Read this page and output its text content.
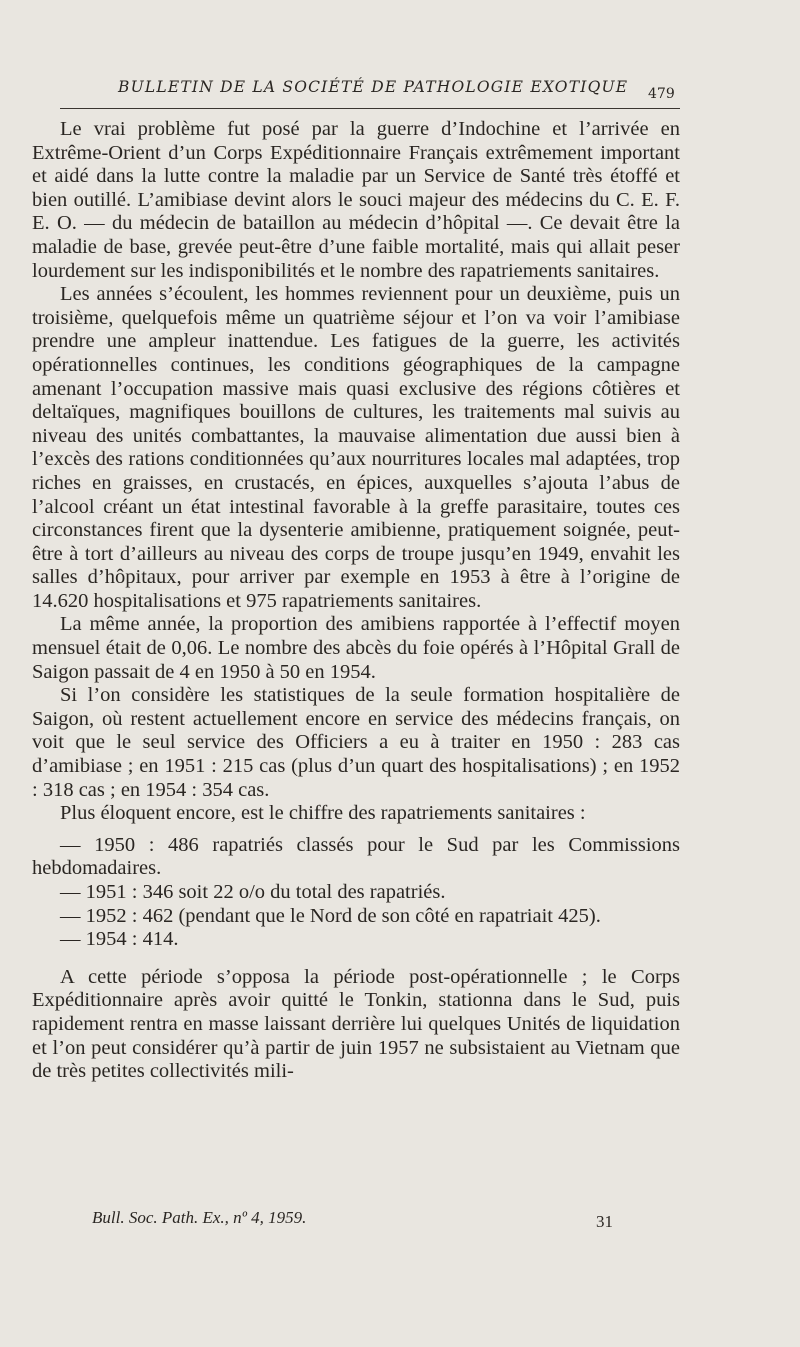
BULLETIN DE LA SOCIÉTÉ DE PATHOLOGIE EXOTIQUE 479

Le vrai problème fut posé par la guerre d’Indochine et l’arrivée en Extrême-Orient d’un Corps Expéditionnaire Français extrêmement important et aidé dans la lutte contre la maladie par un Service de Santé très étoffé et bien outillé. L’amibiase devint alors le souci majeur des médecins du C. E. F. E. O. — du médecin de bataillon au médecin d’hôpital —. Ce devait être la maladie de base, grevée peut-être d’une faible mortalité, mais qui allait peser lourdement sur les indisponibilités et le nombre des rapatriements sanitaires.

Les années s’écoulent, les hommes reviennent pour un deuxième, puis un troisième, quelquefois même un quatrième séjour et l’on va voir l’amibiase prendre une ampleur inattendue. Les fatigues de la guerre, les activités opérationnelles continues, les conditions géographiques de la campagne amenant l’occupation massive mais quasi exclusive des régions côtières et deltaïques, magnifiques bouillons de cultures, les traitements mal suivis au niveau des unités combattantes, la mauvaise alimentation due aussi bien à l’excès des rations conditionnées qu’aux nourritures locales mal adaptées, trop riches en graisses, en crustacés, en épices, auxquelles s’ajouta l’abus de l’alcool créant un état intestinal favorable à la greffe parasitaire, toutes ces circonstances firent que la dysenterie amibienne, pratiquement soignée, peut-être à tort d’ailleurs au niveau des corps de troupe jusqu’en 1949, envahit les salles d’hôpitaux, pour arriver par exemple en 1953 à être à l’origine de 14.620 hospitalisations et 975 rapatriements sanitaires.

La même année, la proportion des amibiens rapportée à l’effectif moyen mensuel était de 0,06. Le nombre des abcès du foie opérés à l’Hôpital Grall de Saigon passait de 4 en 1950 à 50 en 1954.

Si l’on considère les statistiques de la seule formation hospitalière de Saigon, où restent actuellement encore en service des médecins français, on voit que le seul service des Officiers a eu à traiter en 1950 : 283 cas d’amibiase ; en 1951 : 215 cas (plus d’un quart des hospitalisations) ; en 1952 : 318 cas ; en 1954 : 354 cas.

Plus éloquent encore, est le chiffre des rapatriements sanitaires :

— 1950 : 486 rapatriés classés pour le Sud par les Commissions hebdomadaires.

— 1951 : 346 soit 22 o/o du total des rapatriés.

— 1952 : 462 (pendant que le Nord de son côté en rapatriait 425).

— 1954 : 414.

A cette période s’opposa la période post-opérationnelle ; le Corps Expéditionnaire après avoir quitté le Tonkin, stationna dans le Sud, puis rapidement rentra en masse laissant derrière lui quelques Unités de liquidation et l’on peut considérer qu’à partir de juin 1957 ne subsistaient au Vietnam que de très petites collectivités mili-

Bull. Soc. Path. Ex., nº 4, 1959.	31
